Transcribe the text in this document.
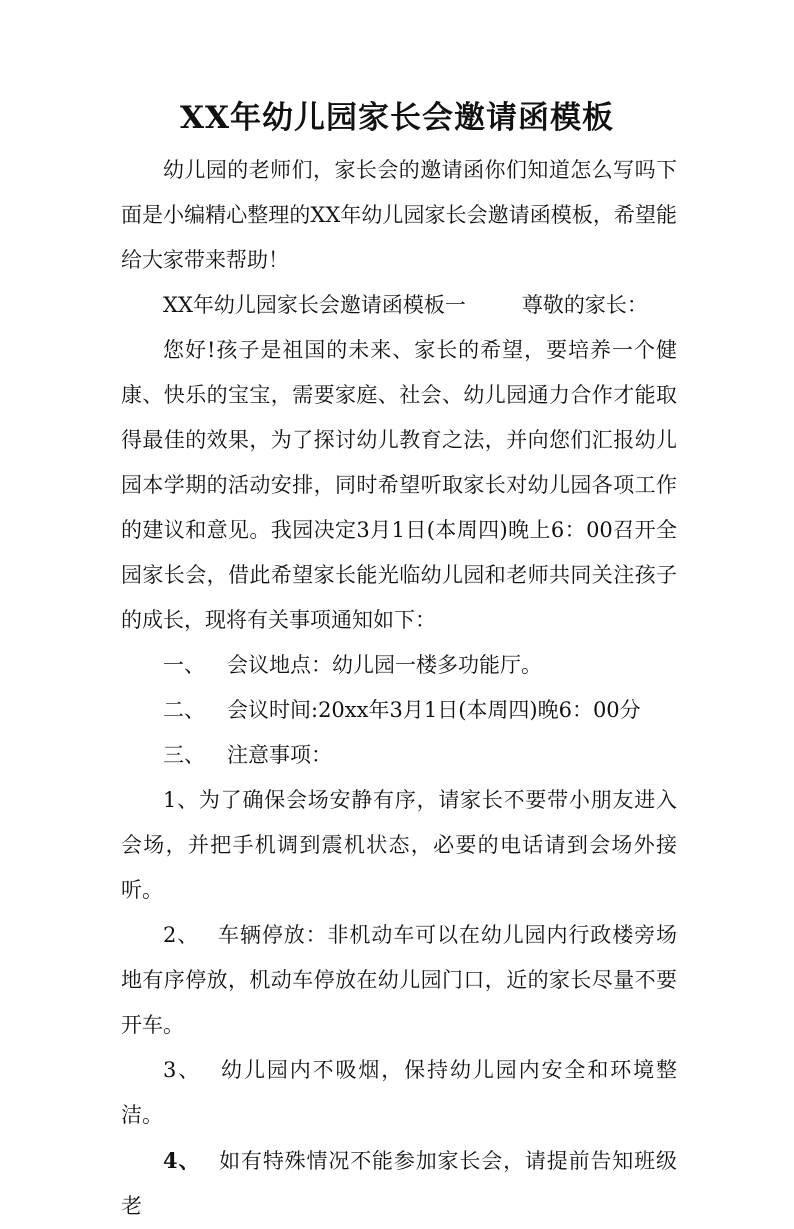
XX年幼儿园家长会邀请函模板

幼儿园的老师们，家长会的邀请函你们知道怎么写吗下面是小编精心整理的XX年幼儿园家长会邀请函模板，希望能给大家带来帮助！

XX年幼儿园家长会邀请函模板一	尊敬的家长：

您好!孩子是祖国的未来、家长的希望，要培养一个健康、快乐的宝宝，需要家庭、社会、幼儿园通力合作才能取得最佳的效果，为了探讨幼儿教育之法，并向您们汇报幼儿园本学期的活动安排，同时希望听取家长对幼儿园各项工作的建议和意见。我园决定3月1日(本周四)晚上6：00召开全园家长会，借此希望家长能光临幼儿园和老师共同关注孩子的成长，现将有关事项通知如下：

一、 会议地点：幼儿园一楼多功能厅。

二、 会议时间:20xx年3月1日(本周四)晚6：00分

三、 注意事项：

1、为了确保会场安静有序，请家长不要带小朋友进入会场，并把手机调到震机状态，必要的电话请到会场外接听。

2、 车辆停放：非机动车可以在幼儿园内行政楼旁场地有序停放，机动车停放在幼儿园门口，近的家长尽量不要开车。

3、 幼儿园内不吸烟，保持幼儿园内安全和环境整洁。

4、 如有特殊情况不能参加家长会，请提前告知班级老
